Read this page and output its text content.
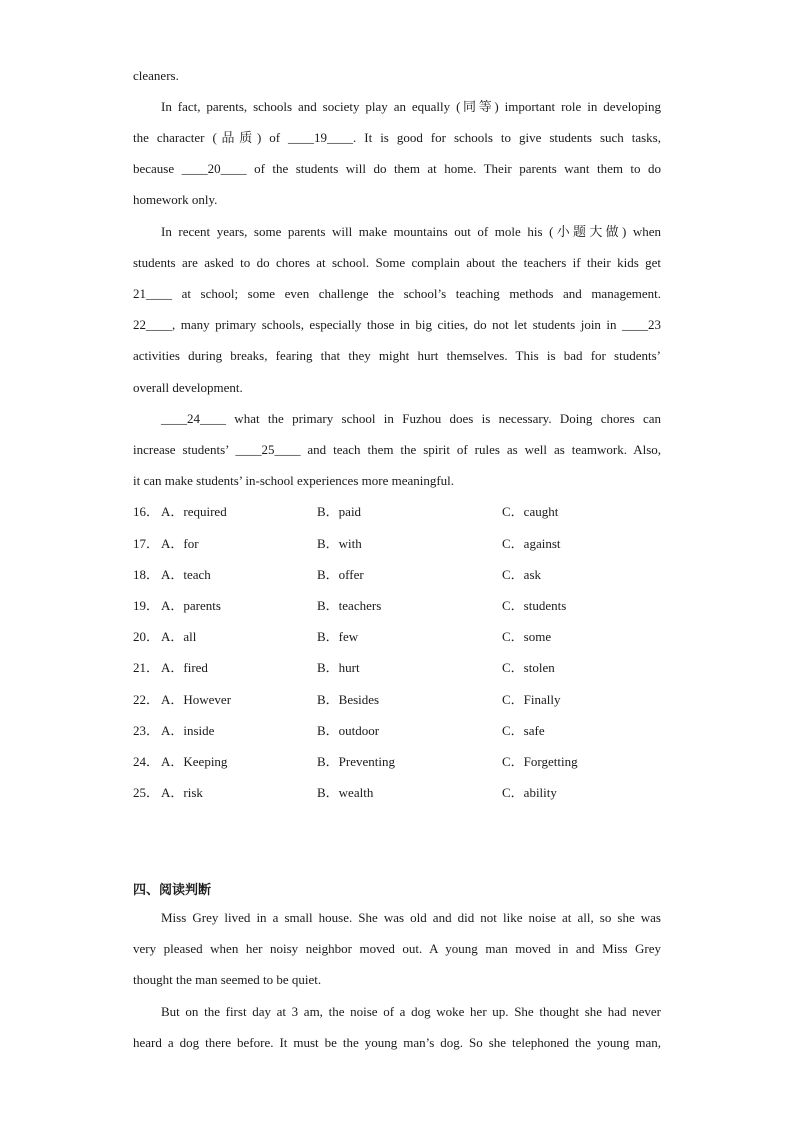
cleaners.
In fact, parents, schools and society play an equally (同等) important role in developing
the character (品质) of ____19____. It is good for schools to give students such tasks,
because ____20____ of the students will do them at home. Their parents want them to do
homework only.
In recent years, some parents will make mountains out of mole his (小题大做) when
students are asked to do chores at school. Some complain about the teachers if their kids get
21____ at school; some even challenge the school’s teaching methods and management.
22____, many primary schools, especially those in big cities, do not let students join in ____23
activities during breaks, fearing that they might hurt themselves. This is bad for students’
overall development.
____24____ what the primary school in Fuzhou does is necessary. Doing chores can
increase students’ ____25____ and teach them the spirit of rules as well as teamwork. Also,
it can make students’ in-school experiences more meaningful.
16． A．required	B．paid	C．caught
17． A．for	B．with	C．against
18． A．teach	B．offer	C．ask
19． A．parents	B．teachers	C．students
20． A．all	B．few	C．some
21． A．fired	B．hurt	C．stolen
22． A．However	B．Besides	C．Finally
23． A．inside	B．outdoor	C．safe
24． A．Keeping	B．Preventing	C．Forgetting
25． A．risk	B．wealth	C．ability
四、阅读判断
Miss Grey lived in a small house. She was old and did not like noise at all, so she was
very pleased when her noisy neighbor moved out. A young man moved in and Miss Grey
thought the man seemed to be quiet.
But on the first day at 3 am, the noise of a dog woke her up. She thought she had never
heard a dog there before. It must be the young man’s dog. So she telephoned the young man,
